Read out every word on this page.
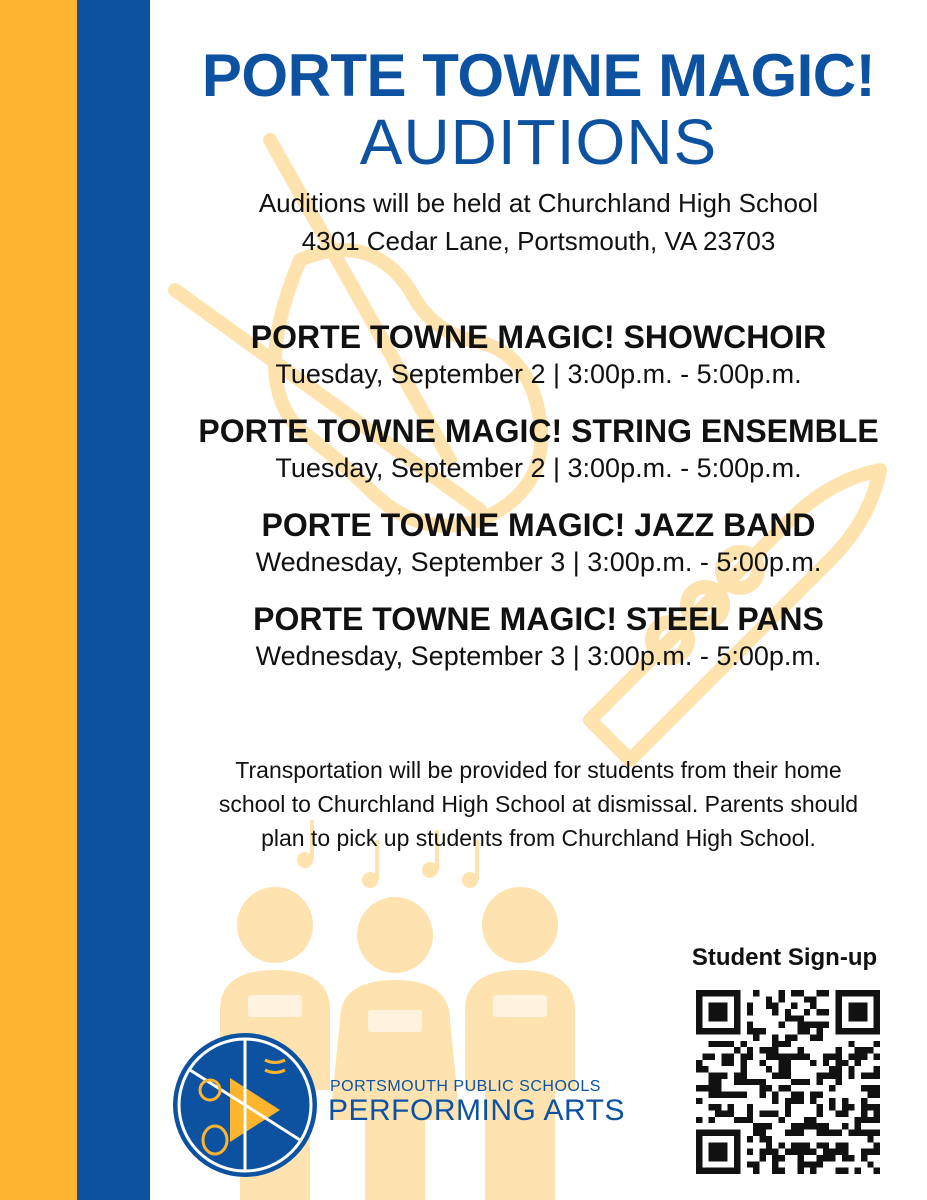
PORTE TOWNE MAGIC!
AUDITIONS
Auditions will be held at Churchland High School
4301 Cedar Lane, Portsmouth, VA 23703
PORTE TOWNE MAGIC! SHOWCHOIR
Tuesday, September 2 | 3:00p.m. - 5:00p.m.
PORTE TOWNE MAGIC! STRING ENSEMBLE
Tuesday, September 2 | 3:00p.m. - 5:00p.m.
PORTE TOWNE MAGIC! JAZZ BAND
Wednesday, September 3 | 3:00p.m. - 5:00p.m.
PORTE TOWNE MAGIC! STEEL PANS
Wednesday, September 3 | 3:00p.m. - 5:00p.m.
Transportation will be provided for students from their home
school to Churchland High School at dismissal. Parents should
plan to pick up students from Churchland High School.
Student Sign-up
PORTSMOUTH PUBLIC SCHOOLS
PERFORMING ARTS
